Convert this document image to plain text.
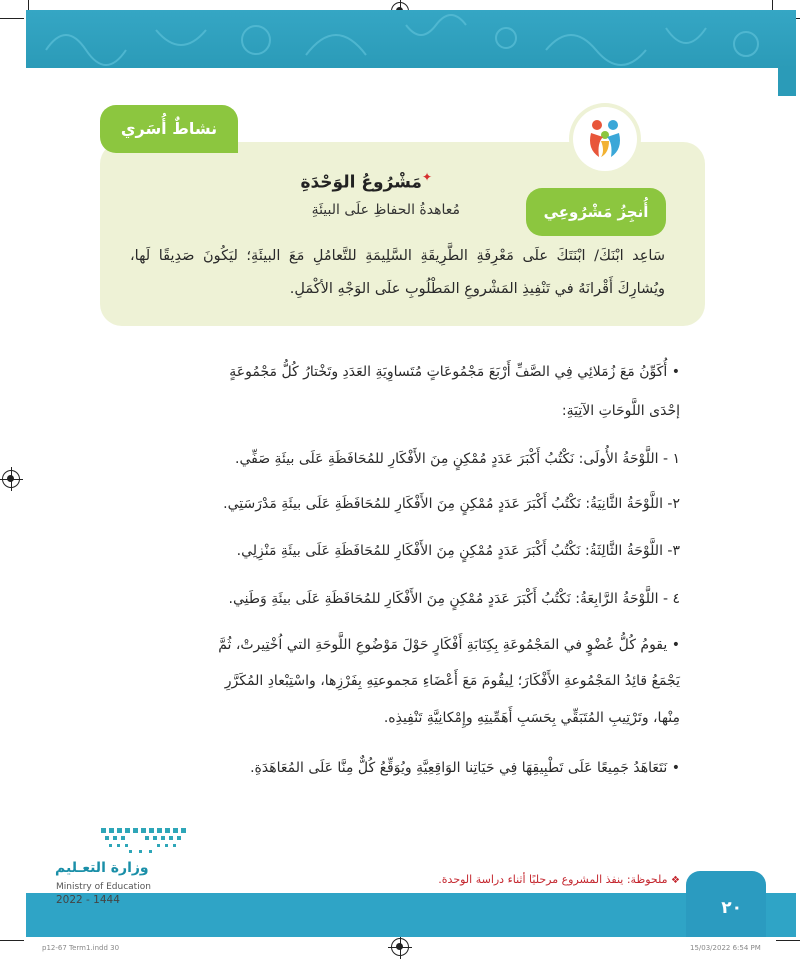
نشاطٌ أُسَري
أُنجِزُ مَشْرُوعِي
مَشْرُوعُ الوَحْدَةِ✦
مُعاهدةُ الحفاظِ علَى البيئَةِ
سَاعِد ابْنَكَ/ ابْنَتَكَ علَى مَعْرِفَةِ الطَّرِيقَةِ السَّلِيمَةِ للتَّعامُلِ مَعَ البيئَةِ؛ ليَكُونَ صَدِيقًا لَها، ويُشارِكَ أَقْرانَهُ في تَنْفِيذِ المَشْروعِ المَطْلُوبِ علَى الوَجْهِ الأكْمَلِ.
• أُكَوِّنُ مَعَ زُمَلائِي فِي الصَّفِّ أَرْبَعَ مَجْمُوعَاتٍ مُتَساوِيَةِ العَدَدِ وتَخْتارُ كُلُّ مَجْمُوعَةٍ
إحْدَى اللَّوحَاتِ الآتِيَةِ:
١ - اللَّوْحَةُ الأُولَى: نَكْتُبُ أَكْبَرَ عَدَدٍ مُمْكِنٍ مِنَ الأَفْكَارِ للمُحَافَظَةِ عَلَى بيئَةِ صَفِّي.
٢- اللَّوْحَةُ الثَّانِيَةُ: نَكْتُبُ أَكْبَرَ عَدَدٍ مُمْكِنٍ مِنَ الأَفْكَارِ للمُحَافَظَةِ عَلَى بيئَةِ مَدْرَسَتِي.
٣- اللَّوْحَةُ الثَّالِثَةُ: نَكْتُبُ أَكْبَرَ عَدَدٍ مُمْكِنٍ مِنَ الأَفْكَارِ للمُحَافَظَةِ عَلَى بيئَةِ مَنْزِلِي.
٤ - اللَّوْحَةُ الرَّابِعَةُ: نَكْتُبُ أَكْبَرَ عَدَدٍ مُمْكِنٍ مِنَ الأَفْكَارِ للمُحَافَظَةِ عَلَى بيئَةِ وَطَنِي.
• يقومُ كُلُّ عُضْوٍ في المَجْمُوعَةِ بِكِتَابَةِ أَفْكَارٍ حَوْلَ مَوْضُوعِ اللَّوحَةِ التي اُخْتِيرتْ، ثُمَّ
يَجْمَعُ قائِدُ المَجْمُوعةِ الأَفْكَارَ؛ لِيقُومَ مَعَ أَعْضَاءِ مَجموعتِهِ بِفَرْزِها، واسْتِبْعادِ المُكَرَّرِ
مِنْها، وتَرْتِيبِ المُتَبَقِّي بِحَسَبِ أَهَمِّيتِهِ وإِمْكانِيَّةِ تَنْفِيذِه.
• نَتَعَاهَدُ جَمِيعًا عَلَى تَطْبِيقِهَا فِي حَيَاتِنا الوَاقِعِيَّةِ ويُوَقِّعُ كُلٌّ مِنَّا عَلَى المُعَاهَدَةِ.
٢٠
❖ ملحوظة: ينفذ المشروع مرحليًا أثناء دراسة الوحدة.
وزارة التعـليم
Ministry of Education
2022 - 1444
p12-67 Term1.indd 30	15/03/2022 6:54 PM
